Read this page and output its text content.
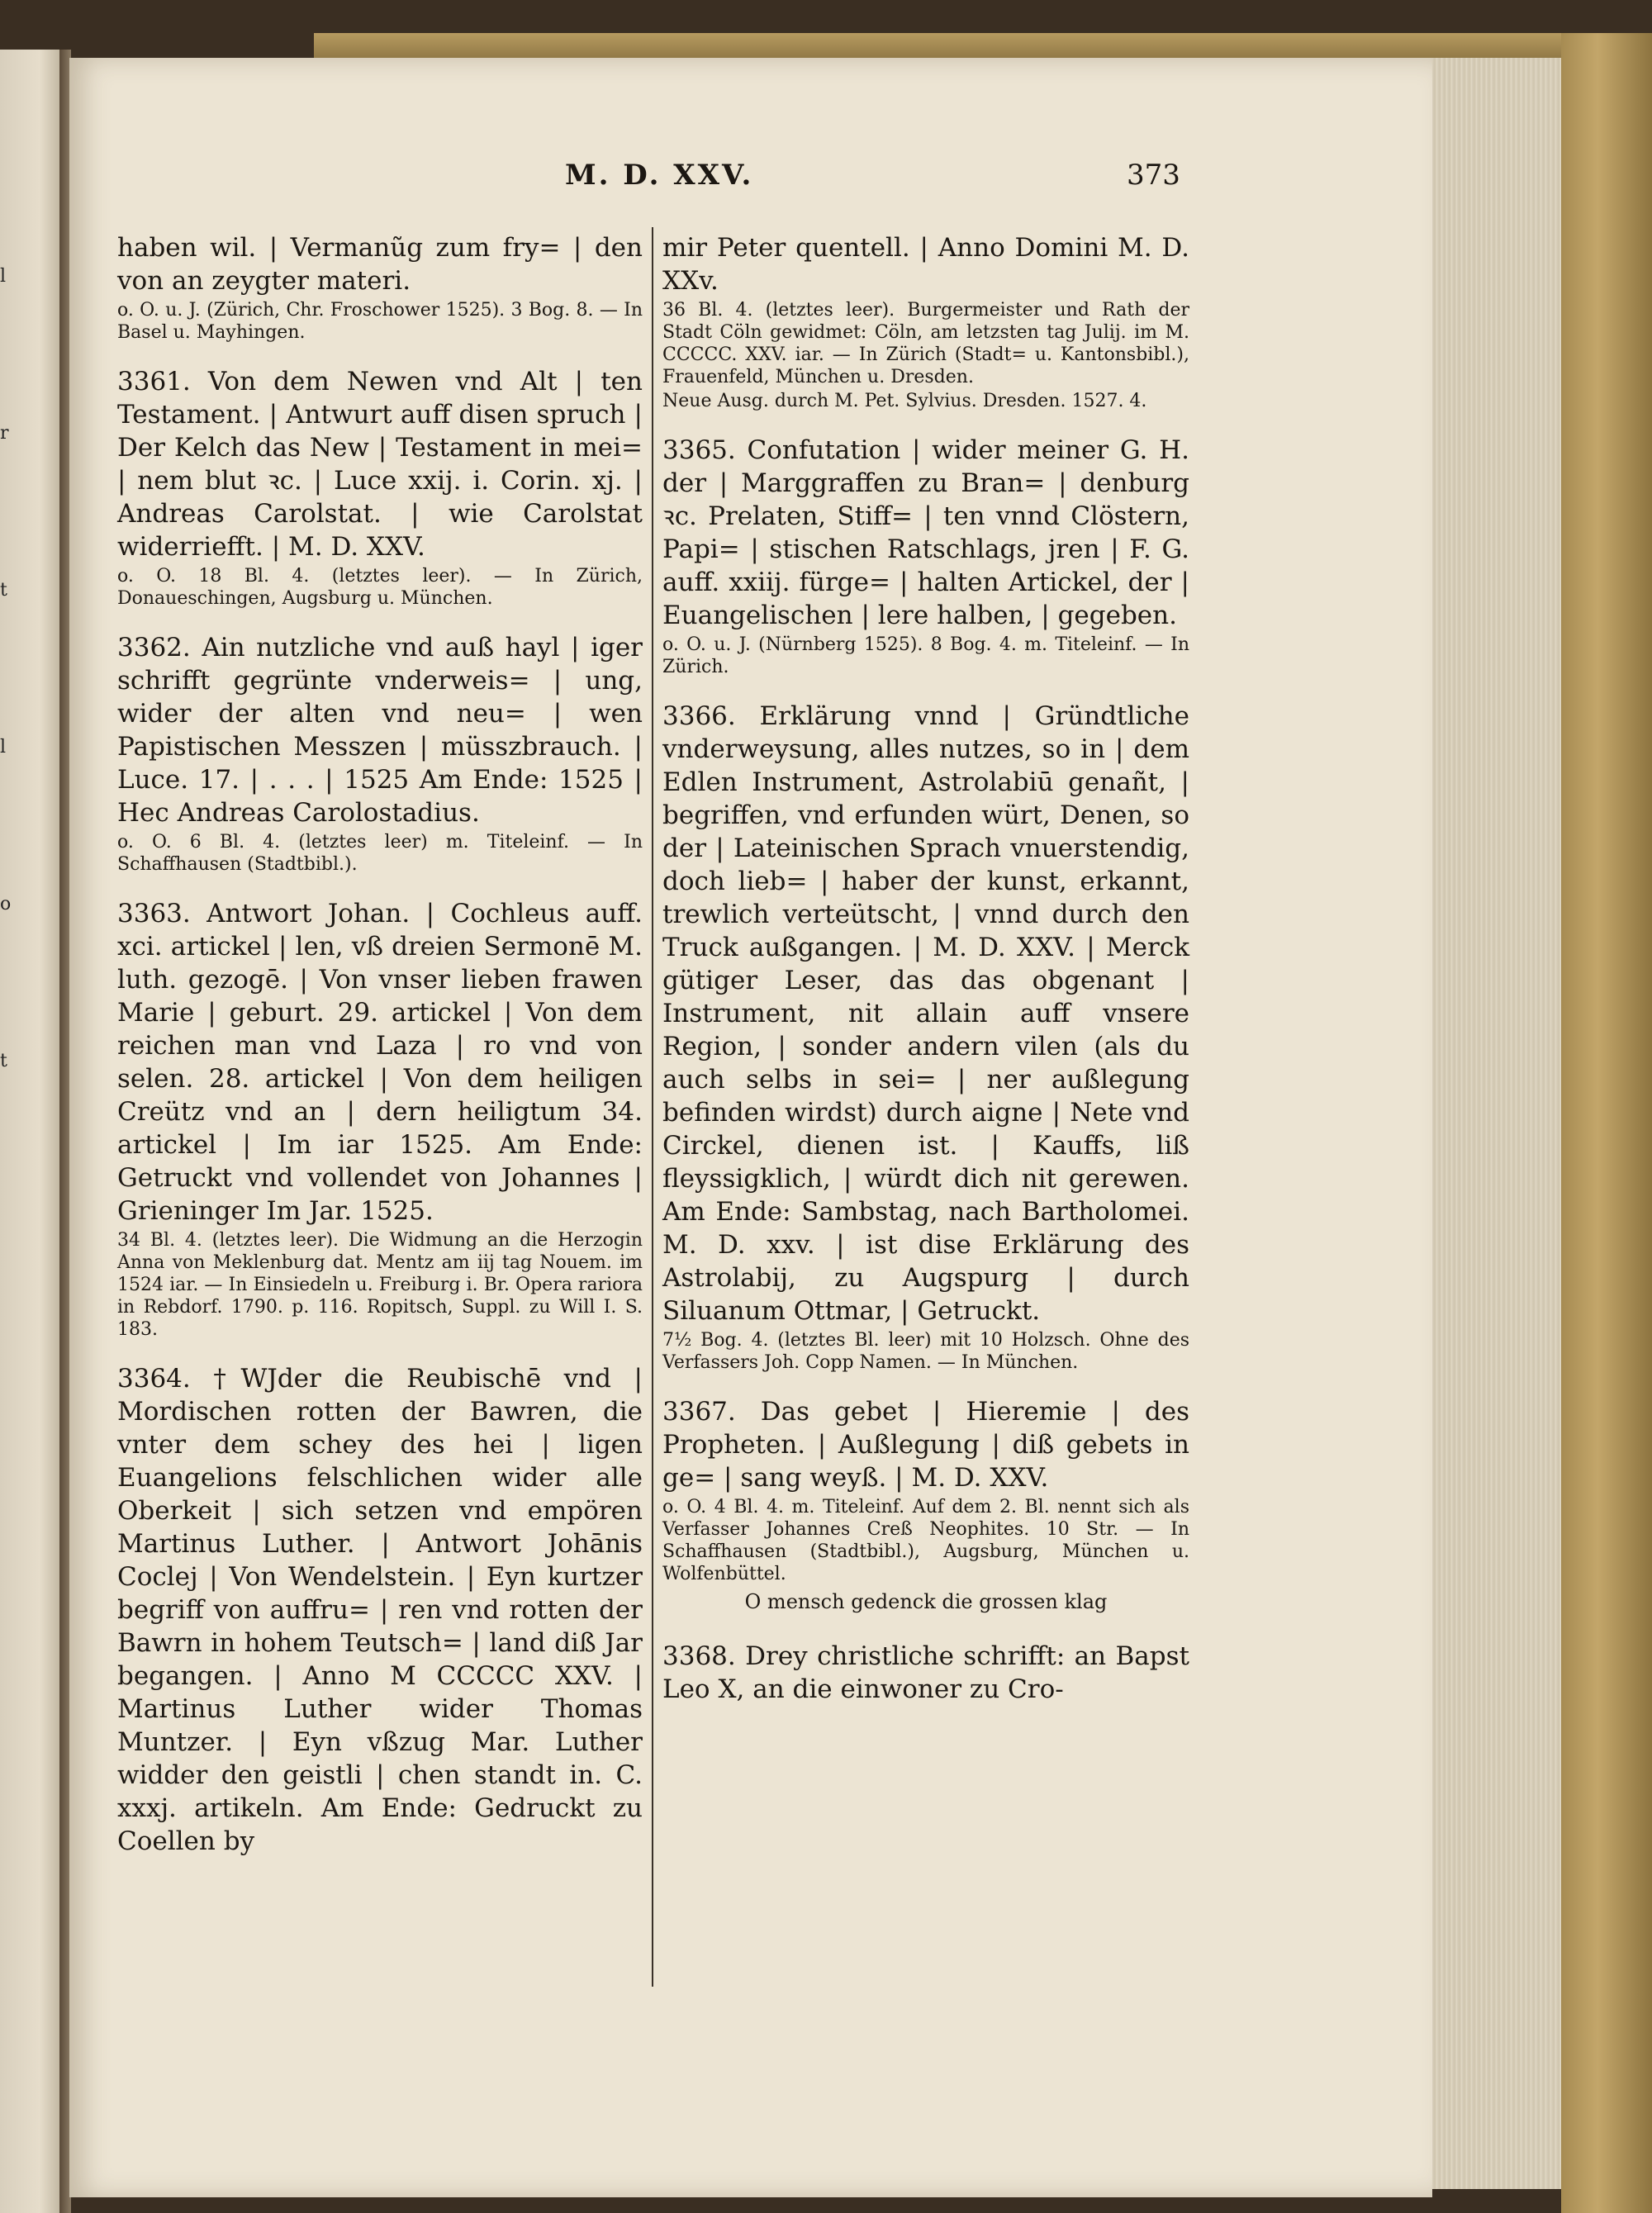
l
r
t
l
o
t
M. D. XXV.	373

haben wil. | Vermanũg zum fry= | den von an zeygter materi.

o. O. u. J. (Zürich, Chr. Froschower 1525). 3 Bog. 8. — In Basel u. Mayhingen.

3361. Von dem Newen vnd Alt | ten Testament. | Antwurt auff disen spruch | Der Kelch das New | Testament in mei= | nem blut ꝛc. | Luce xxij. i. Corin. xj. | Andreas Carolstat. | wie Carolstat widerriefft. | M. D. XXV.

o. O. 18 Bl. 4. (letztes leer). — In Zürich, Donaueschingen, Augsburg u. München.

3362. Ain nutzliche vnd auß hayl | iger schrifft gegrünte vnderweis= | ung, wider der alten vnd neu= | wen Papistischen Messzen | müsszbrauch. | Luce. 17. | . . . | 1525 Am Ende: 1525 | Hec Andreas Carolostadius.

o. O. 6 Bl. 4. (letztes leer) m. Titeleinf. — In Schaffhausen (Stadtbibl.).

3363. Antwort Johan. | Cochleus auff. xci. artickel | len, vß dreien Sermonē M. luth. gezogē. | Von vnser lieben frawen Marie | geburt. 29. artickel | Von dem reichen man vnd Laza | ro vnd von selen. 28. artickel | Von dem heiligen Creütz vnd an | dern heiligtum 34. artickel | Im iar 1525. Am Ende: Getruckt vnd vollendet von Johannes | Grieninger Im Jar. 1525.

34 Bl. 4. (letztes leer). Die Widmung an die Herzogin Anna von Meklenburg dat. Mentz am iij tag Nouem. im 1524 iar. — In Einsiedeln u. Freiburg i. Br. Opera rariora in Rebdorf. 1790. p. 116. Ropitsch, Suppl. zu Will I. S. 183.

3364. †WJder die Reubischē vnd | Mordischen rotten der Bawren, die vnter dem schey des hei | ligen Euangelions felschlichen wider alle Oberkeit | sich setzen vnd empören Martinus Luther. | Antwort Johānis Coclej | Von Wendelstein. | Eyn kurtzer begriff von auffru= | ren vnd rotten der Bawrn in hohem Teutsch= | land diß Jar begangen. | Anno M CCCCC XXV. | Martinus Luther wider Thomas Muntzer. | Eyn vßzug Mar. Luther widder den geistli | chen standt in. C. xxxj. artikeln. Am Ende: Gedruckt zu Coellen by

mir Peter quentell. | Anno Domini M. D. XXv.

36 Bl. 4. (letztes leer). Burgermeister und Rath der Stadt Cöln gewidmet: Cöln, am letzsten tag Julij. im M. CCCCC. XXV. iar. — In Zürich (Stadt= u. Kantonsbibl.), Frauenfeld, München u. Dresden.

Neue Ausg. durch M. Pet. Sylvius. Dresden. 1527. 4.

3365. Confutation | wider meiner G. H. der | Marggraffen zu Bran= | denburg ꝛc. Prelaten, Stiff= | ten vnnd Clöstern, Papi= | stischen Ratschlags, jren | F. G. auff. xxiij. fürge= | halten Artickel, der | Euangelischen | lere halben, | gegeben.

o. O. u. J. (Nürnberg 1525). 8 Bog. 4. m. Titeleinf. — In Zürich.

3366. Erklärung vnnd | Gründtliche vnderweysung, alles nutzes, so in | dem Edlen Instrument, Astrolabiū genañt, | begriffen, vnd erfunden würt, Denen, so der | Lateinischen Sprach vnuerstendig, doch lieb= | haber der kunst, erkannt, trewlich verteütscht, | vnnd durch den Truck außgangen. | M. D. XXV. | Merck gütiger Leser, das das obgenant | Instrument, nit allain auff vnsere Region, | sonder andern vilen (als du auch selbs in sei= | ner außlegung befinden wirdst) durch aigne | Nete vnd Circkel, dienen ist. | Kauffs, liß fleyssigklich, | würdt dich nit gerewen. Am Ende: Sambstag, nach Bartholomei. M. D. xxv. | ist dise Erklärung des Astrolabij, zu Augspurg | durch Siluanum Ottmar, | Getruckt.

7½ Bog. 4. (letztes Bl. leer) mit 10 Holzsch. Ohne des Verfassers Joh. Copp Namen. — In München.

3367. Das gebet | Hieremie | des Propheten. | Außlegung | diß gebets in ge= | sang weyß. | M. D. XXV.

o. O. 4 Bl. 4. m. Titeleinf. Auf dem 2. Bl. nennt sich als Verfasser Johannes Creß Neophites. 10 Str. — In Schaffhausen (Stadtbibl.), Augsburg, München u. Wolfenbüttel.

O mensch gedenck die grossen klag

3368. Drey christliche schrifft: an Bapst Leo X, an die einwoner zu Cro-
